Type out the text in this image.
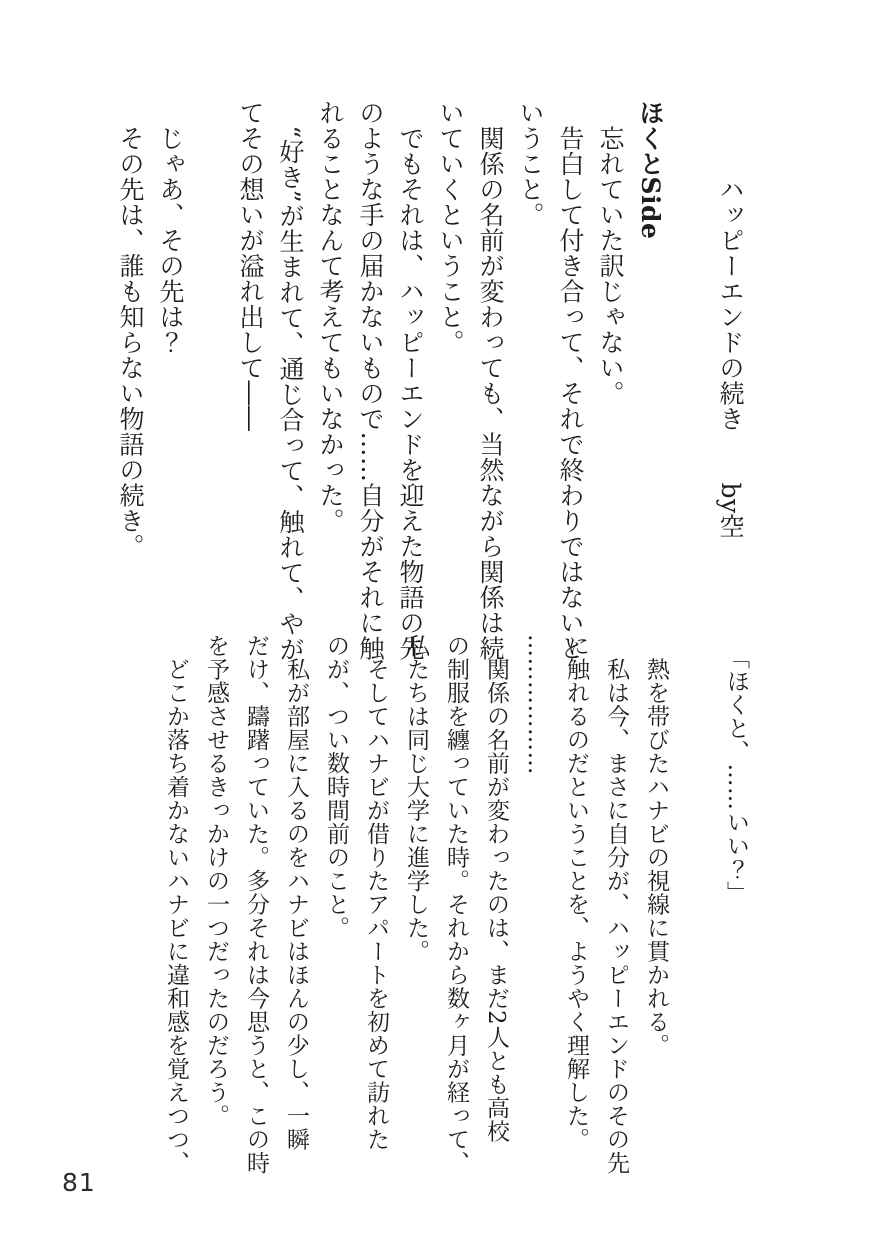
　　　ハッピーエンドの続き　　by空

ほくとSide

　忘れていた訳じゃない。

　告白して付き合って、それで終わりではないと

いうこと。

　関係の名前が変わっても、当然ながら関係は続

いていくということ。

　でもそれは、ハッピーエンドを迎えた物語の先

のような手の届かないもので……自分がそれに触

れることなんて考えてもいなかった。

　“好き”が生まれて、通じ合って、触れて、やが

てその想いが溢れ出して――

　じゃあ、その先は？

　その先は、誰も知らない物語の続き。

　「ほくと、……いい？」

　熱を帯びたハナビの視線に貫かれる。

　私は今、まさに自分が、ハッピーエンドのその先

に触れるのだということを、ようやく理解した。

………………

　関係の名前が変わったのは、まだ2人とも高校

の制服を纏っていた時。それから数ヶ月が経って、

私たちは同じ大学に進学した。

　そしてハナビが借りたアパートを初めて訪れた

のが、つい数時間前のこと。

　私が部屋に入るのをハナビはほんの少し、一瞬

だけ、躊躇っていた。多分それは今思うと、この時

を予感させるきっかけの一つだったのだろう。

　どこか落ち着かないハナビに違和感を覚えつつ、

81
